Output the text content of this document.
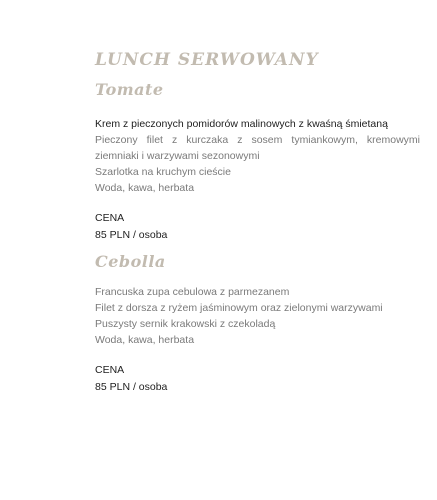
LUNCH SERWOWANY
Tomate
Krem z pieczonych pomidorów malinowych z kwaśną śmietaną
Pieczony filet z kurczaka z sosem tymiankowym, kremowymi ziemniaki i warzywami sezonowymi
Szarlotka na kruchym cieście
Woda, kawa, herbata
CENA
85 PLN / osoba
Cebolla
Francuska zupa cebulowa z parmezanem
Filet z dorsza z ryżem jaśminowym oraz zielonymi warzywami
Puszysty sernik krakowski z czekoladą
Woda, kawa, herbata
CENA
85 PLN / osoba
